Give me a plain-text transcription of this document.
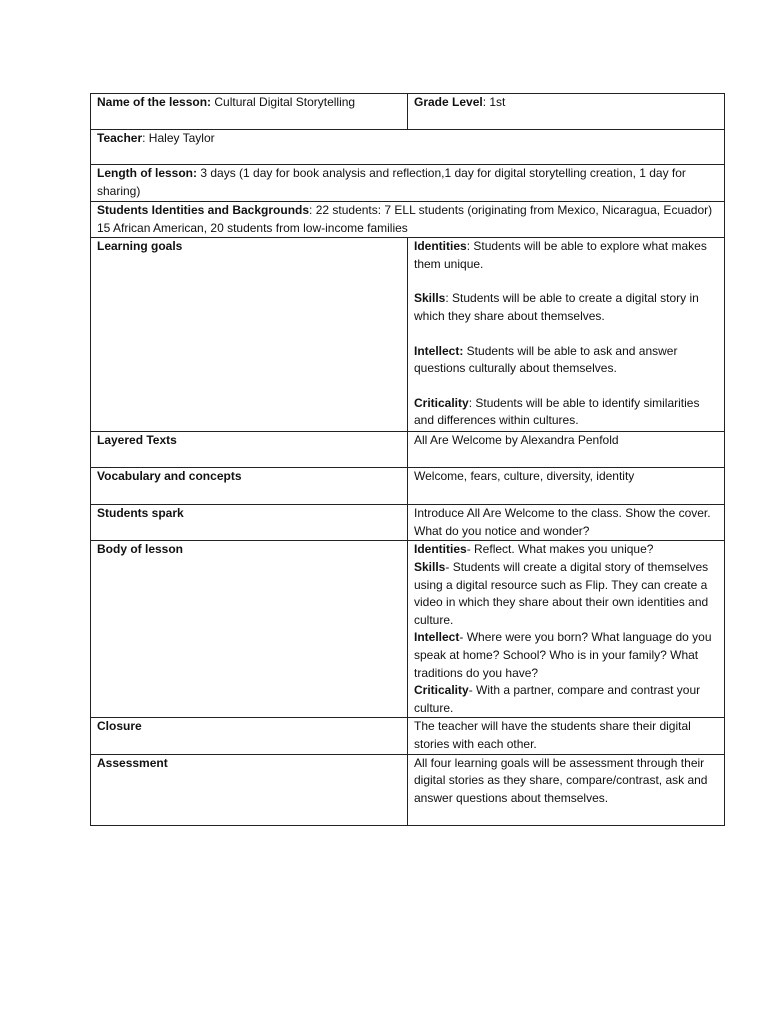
Name of the lesson: Cultural Digital Storytelling	Grade Level: 1st
Teacher: Haley Taylor	
Length of lesson: 3 days (1 day for book analysis and reflection,1 day for digital storytelling creation, 1 day for sharing)	
Students Identities and Backgrounds: 22 students: 7 ELL students (originating from Mexico, Nicaragua, Ecuador) 15 African American, 20 students from low-income families	
Learning goals	Identities: Students will be able to explore what makes them unique.
Skills: Students will be able to create a digital story in which they share about themselves.
Intellect: Students will be able to ask and answer questions culturally about themselves.
Criticality: Students will be able to identify similarities and differences within cultures.

Layered Texts	All Are Welcome by Alexandra Penfold
Vocabulary and concepts	Welcome, fears, culture, diversity, identity
Students spark	Introduce All Are Welcome to the class. Show the cover. What do you notice and wonder?
Body of lesson	Identities- Reflect. What makes you unique?
Skills- Students will create a digital story of themselves using a digital resource such as Flip. They can create a video in which they share about their own identities and culture.
Intellect- Where were you born? What language do you speak at home? School? Who is in your family? What traditions do you have?
Criticality- With a partner, compare and contrast your culture.

Closure	The teacher will have the students share their digital stories with each other.
Assessment	All four learning goals will be assessment through their digital stories as they share, compare/contrast, ask and answer questions about themselves.
